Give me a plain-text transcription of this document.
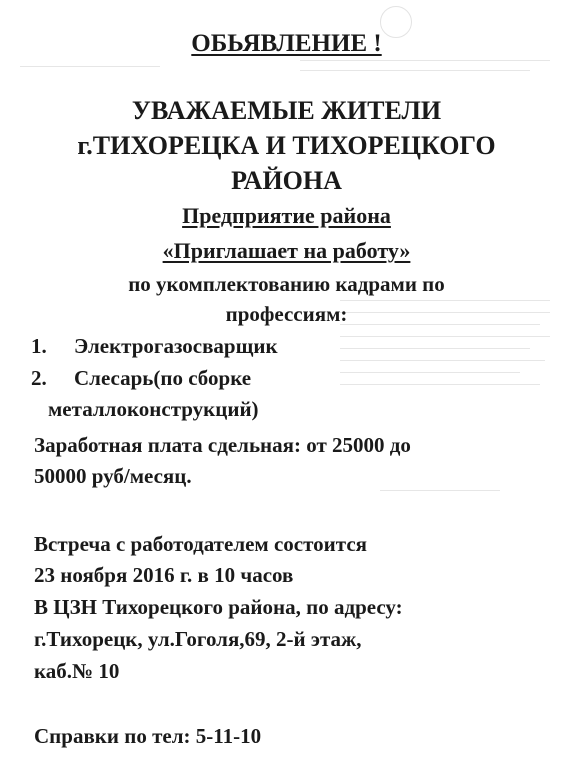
ОБЬЯВЛЕНИЕ !
УВАЖАЕМЫЕ ЖИТЕЛИ
г.ТИХОРЕЦКА И ТИХОРЕЦКОГО
РАЙОНА
Предприятие района
«Приглашает на работу»
по укомплектованию кадрами по
профессиям:
1. Электрогазосварщик
2. Слесарь(по сборке
металлоконструкций)
Заработная плата сдельная: от 25000 до
50000 руб/месяц.
Встреча с работодателем состоится
23 ноября 2016 г. в 10 часов
В ЦЗН Тихорецкого района, по адресу:
г.Тихорецк, ул.Гоголя,69, 2-й этаж,
каб.№ 10
Справки по тел: 5-11-10
